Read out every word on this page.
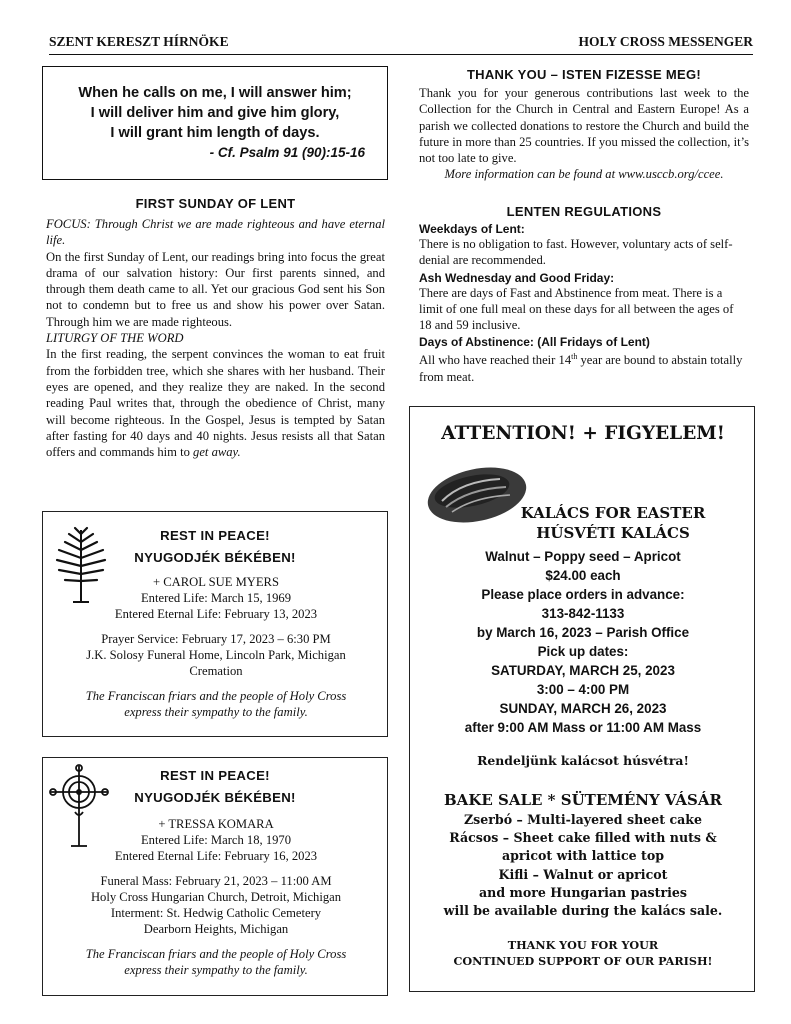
SZENT KERESZT HÍRNÖKE	HOLY CROSS MESSENGER
When he calls on me, I will answer him;
I will deliver him and give him glory,
I will grant him length of days.
- Cf. Psalm 91 (90):15-16

FIRST SUNDAY OF LENT

FOCUS: Through Christ we are made righteous and have eternal life.

On the first Sunday of Lent, our readings bring into focus the great drama of our salvation history: Our first parents sinned, and through them death came to all. Yet our gracious God sent his Son not to condemn but to free us and show his power over Satan. Through him we are made righteous.

LITURGY OF THE WORD

In the first reading, the serpent convinces the woman to eat fruit from the forbidden tree, which she shares with her husband. Their eyes are opened, and they realize they are naked. In the second reading Paul writes that, through the obedience of Christ, many will become righteous. In the Gospel, Jesus is tempted by Satan after fasting for 40 days and 40 nights. Jesus resists all that Satan offers and commands him to get away.

REST IN PEACE!

NYUGODJÉK BÉKÉBEN!

+ CAROL SUE MYERS
Entered Life: March 15, 1969
Entered Eternal Life: February 13, 2023
Prayer Service: February 17, 2023 – 6:30 PM
J.K. Solosy Funeral Home, Lincoln Park, Michigan
Cremation
The Franciscan friars and the people of Holy Cross
express their sympathy to the family.

REST IN PEACE!

NYUGODJÉK BÉKÉBEN!

+ TRESSA KOMARA
Entered Life: March 18, 1970
Entered Eternal Life: February 16, 2023
Funeral Mass: February 21, 2023 – 11:00 AM
Holy Cross Hungarian Church, Detroit, Michigan
Interment: St. Hedwig Catholic Cemetery
Dearborn Heights, Michigan
The Franciscan friars and the people of Holy Cross
express their sympathy to the family.

THANK YOU – ISTEN FIZESSE MEG!

Thank you for your generous contributions last week to the Collection for the Church in Central and Eastern Europe! As a parish we collected donations to restore the Church and build the future in more than 25 countries. If you missed the collection, it’s not too late to give.

More information can be found at www.usccb.org/ccee.

LENTEN REGULATIONS

Weekdays of Lent:

There is no obligation to fast. However, voluntary acts of self-denial are recommended.

Ash Wednesday and Good Friday:

There are days of Fast and Abstinence from meat. There is a limit of one full meal on these days for all between the ages of 18 and 59 inclusive.

Days of Abstinence: (All Fridays of Lent)

All who have reached their 14th year are bound to abstain totally from meat.

ATTENTION! + FIGYELEM!
KALÁCS FOR EASTER
HÚSVÉTI KALÁCS
Walnut – Poppy seed – Apricot
$24.00 each
Please place orders in advance:
313-842-1133
by March 16, 2023 – Parish Office
Pick up dates:
SATURDAY, MARCH 25, 2023
3:00 – 4:00 PM
SUNDAY, MARCH 26, 2023
after 9:00 AM Mass or 11:00 AM Mass
Rendeljünk kalácsot húsvétra!
BAKE SALE * SÜTEMÉNY VÁSÁR
Zserbó – Multi-layered sheet cake
Rácsos – Sheet cake filled with nuts &
apricot with lattice top
Kifli – Walnut or apricot
and more Hungarian pastries
will be available during the kalács sale.
THANK YOU FOR YOUR
CONTINUED SUPPORT OF OUR PARISH!
